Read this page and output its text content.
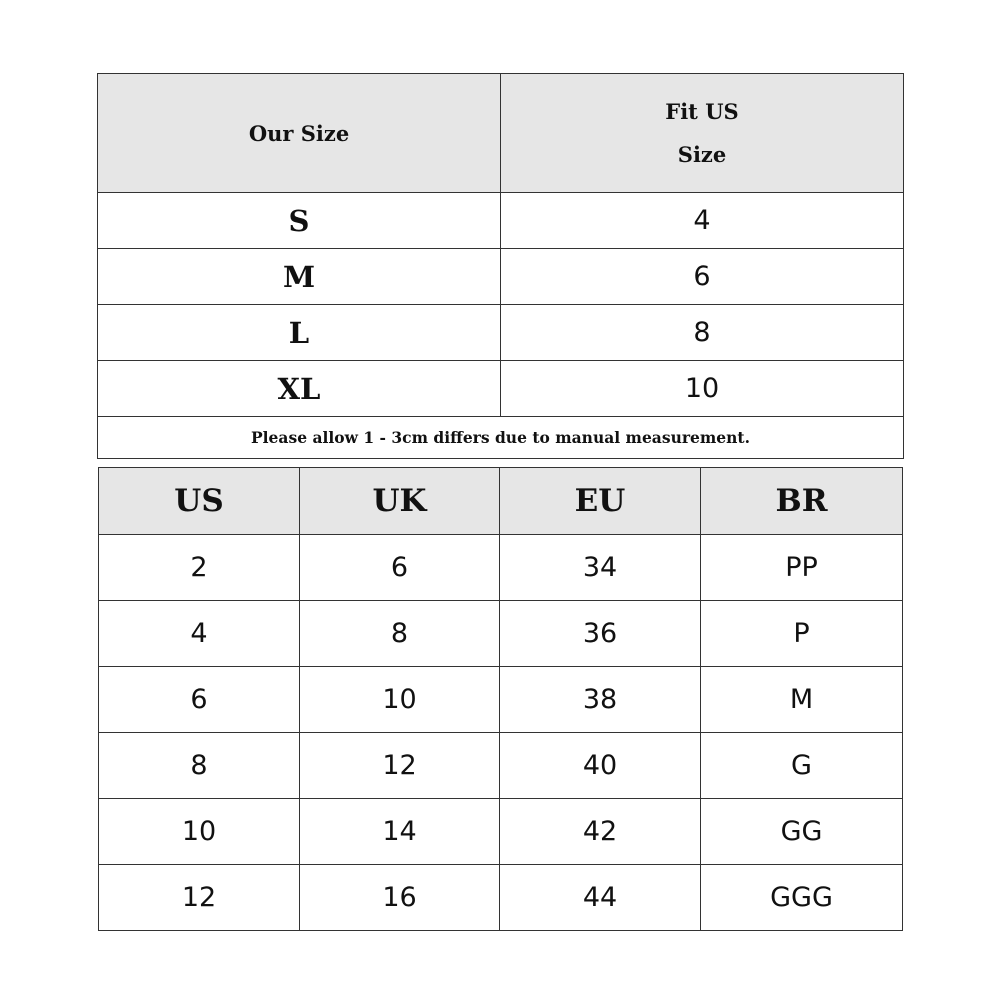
Our Size	Fit US
Size

S	4
M	6
L	8
XL	10
Please allow 1 - 3cm differs due to manual measurement.	
US	UK	EU	BR
2	6	34	PP
4	8	36	P
6	10	38	M
8	12	40	G
10	14	42	GG
12	16	44	GGG
